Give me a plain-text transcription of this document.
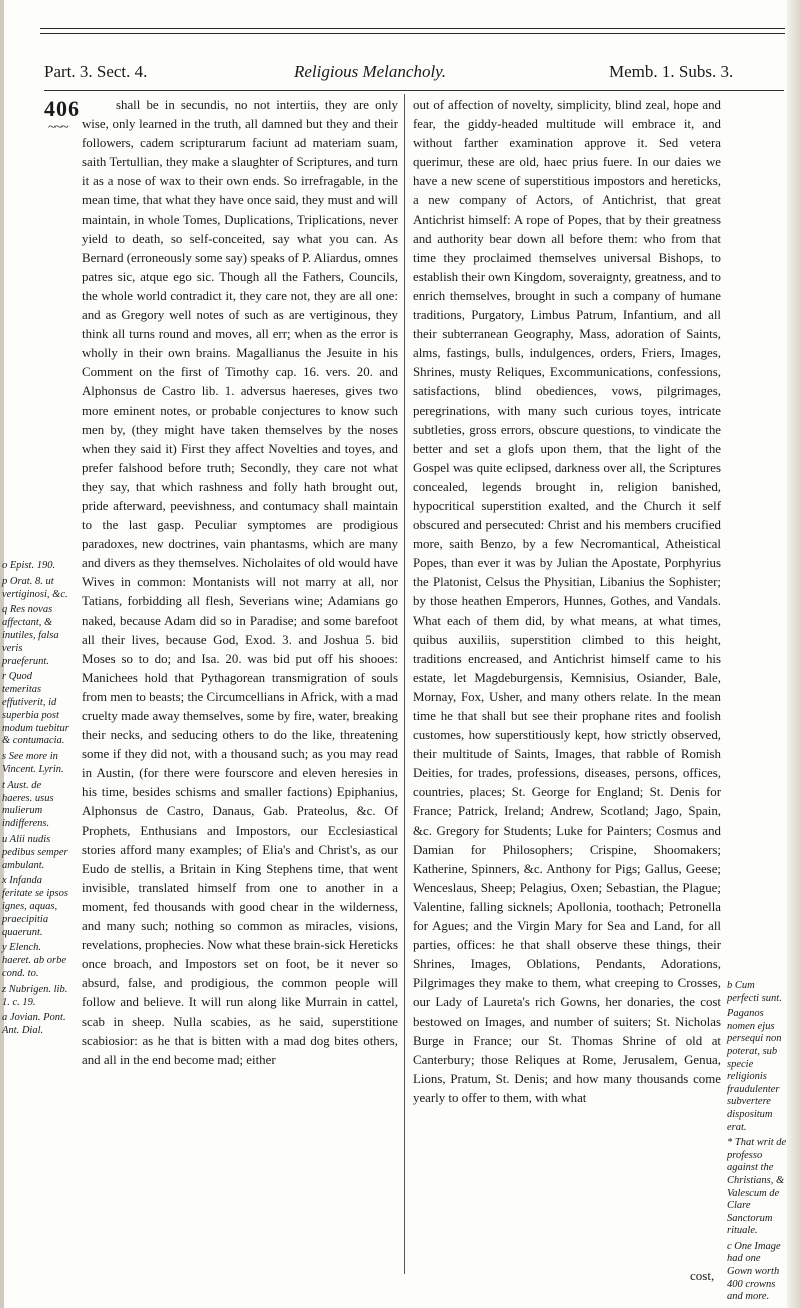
Part. 3. Sect. 4.	Religious Melancholy.	Memb. 1. Subs. 3.
406
~~~

o Epist. 190.

p Orat. 8. ut vertiginosi, &c.

q Res novas affectant, & inutiles, falsa veris praeferunt.

r Quod temeritas effutiverit, id superbia post modum tuebitur & contumacia.

s See more in Vincent. Lyrin.

t Aust. de haeres. usus mulierum indifferens.

u Alii nudis pedibus semper ambulant.

x Infanda feritate se ipsos ignes, aquas, praecipitia quaerunt.

y Elench. haeret. ab orbe cond. to.

z Nubrigen. lib. 1. c. 19.

a Jovian. Pont. Ant. Dial.

shall be in secundis, no not intertiis, they are only wise, only learned in the truth, all damned but they and their followers, cadem scripturarum faciunt ad materiam suam, saith Tertullian, they make a slaughter of Scriptures, and turn it as a nose of wax to their own ends. So irrefragable, in the mean time, that what they have once said, they must and will maintain, in whole Tomes, Duplications, Triplications, never yield to death, so self-conceited, say what you can. As Bernard (erroneously some say) speaks of P. Aliardus, omnes patres sic, atque ego sic. Though all the Fathers, Councils, the whole world contradict it, they care not, they are all one: and as Gregory well notes of such as are vertiginous, they think all turns round and moves, all err; when as the error is wholly in their own brains. Magallianus the Jesuite in his Comment on the first of Timothy cap. 16. vers. 20. and Alphonsus de Castro lib. 1. adversus haereses, gives two more eminent notes, or probable conjectures to know such men by, (they might have taken themselves by the noses when they said it) First they affect Novelties and toyes, and prefer falshood before truth; Secondly, they care not what they say, that which rashness and folly hath brought out, pride afterward, peevishness, and contumacy shall maintain to the last gasp. Peculiar symptomes are prodigious paradoxes, new doctrines, vain phantasms, which are many and divers as they themselves. Nicholaites of old would have Wives in common: Montanists will not marry at all, nor Tatians, forbidding all flesh, Severians wine; Adamians go naked, because Adam did so in Paradise; and some barefoot all their lives, because God, Exod. 3. and Joshua 5. bid Moses so to do; and Isa. 20. was bid put off his shooes: Manichees hold that Pythagorean transmigration of souls from men to beasts; the Circumcellians in Africk, with a mad cruelty made away themselves, some by fire, water, breaking their necks, and seducing others to do the like, threatening some if they did not, with a thousand such; as you may read in Austin, (for there were fourscore and eleven heresies in his time, besides schisms and smaller factions) Epiphanius, Alphonsus de Castro, Danaus, Gab. Prateolus, &c. Of Prophets, Enthusians and Impostors, our Ecclesiastical stories afford many examples; of Elia's and Christ's, as our Eudo de stellis, a Britain in King Stephens time, that went invisible, translated himself from one to another in a moment, fed thousands with good chear in the wilderness, and many such; nothing so common as miracles, visions, revelations, prophecies. Now what these brain-sick Hereticks once broach, and Impostors set on foot, be it never so absurd, false, and prodigious, the common people will follow and believe. It will run along like Murrain in cattel, scab in sheep. Nulla scabies, as he said, superstitione scabiosior: as he that is bitten with a mad dog bites others, and all in the end become mad; either

out of affection of novelty, simplicity, blind zeal, hope and fear, the giddy-headed multitude will embrace it, and without farther examination approve it. Sed vetera querimur, these are old, haec prius fuere. In our daies we have a new scene of superstitious impostors and hereticks, a new company of Actors, of Antichrist, that great Antichrist himself: A rope of Popes, that by their greatness and authority bear down all before them: who from that time they proclaimed themselves universal Bishops, to establish their own Kingdom, soveraignty, greatness, and to enrich themselves, brought in such a company of humane traditions, Purgatory, Limbus Patrum, Infantium, and all their subterranean Geography, Mass, adoration of Saints, alms, fastings, bulls, indulgences, orders, Friers, Images, Shrines, musty Reliques, Excommunications, confessions, satisfactions, blind obediences, vows, pilgrimages, peregrinations, with many such curious toyes, intricate subtleties, gross errors, obscure questions, to vindicate the better and set a glofs upon them, that the light of the Gospel was quite eclipsed, darkness over all, the Scriptures concealed, legends brought in, religion banished, hypocritical superstition exalted, and the Church it self obscured and persecuted: Christ and his members crucified more, saith Benzo, by a few Necromantical, Atheistical Popes, than ever it was by Julian the Apostate, Porphyrius the Platonist, Celsus the Physitian, Libanius the Sophister; by those heathen Emperors, Hunnes, Gothes, and Vandals. What each of them did, by what means, at what times, quibus auxiliis, superstition climbed to this height, traditions encreased, and Antichrist himself came to his estate, let Magdeburgensis, Kemnisius, Osiander, Bale, Mornay, Fox, Usher, and many others relate. In the mean time he that shall but see their prophane rites and foolish customes, how superstitiously kept, how strictly observed, their multitude of Saints, Images, that rabble of Romish Deities, for trades, professions, diseases, persons, offices, countries, places; St. George for England; St. Denis for France; Patrick, Ireland; Andrew, Scotland; Jago, Spain, &c. Gregory for Students; Luke for Painters; Cosmus and Damian for Philosophers; Crispine, Shoomakers; Katherine, Spinners, &c. Anthony for Pigs; Gallus, Geese; Wenceslaus, Sheep; Pelagius, Oxen; Sebastian, the Plague; Valentine, falling sicknels; Apollonia, toothach; Petronella for Agues; and the Virgin Mary for Sea and Land, for all parties, offices: he that shall observe these things, their Shrines, Images, Oblations, Pendants, Adorations, Pilgrimages they make to them, what creeping to Crosses, our Lady of Laureta's rich Gowns, her donaries, the cost bestowed on Images, and number of suiters; St. Nicholas Burge in France; our St. Thomas Shrine of old at Canterbury; those Reliques at Rome, Jerusalem, Genua, Lions, Pratum, St. Denis; and how many thousands come yearly to offer to them, with what

b Cum perfecti sunt.

Paganos nomen ejus persequi non poterat, sub specie religionis fraudulenter subvertere dispositum erat.

* That writ de professo against the Christians, & Valescum de Clare Sanctorum rituale.

c One Image had one Gown worth 400 crowns and more.

cost,
